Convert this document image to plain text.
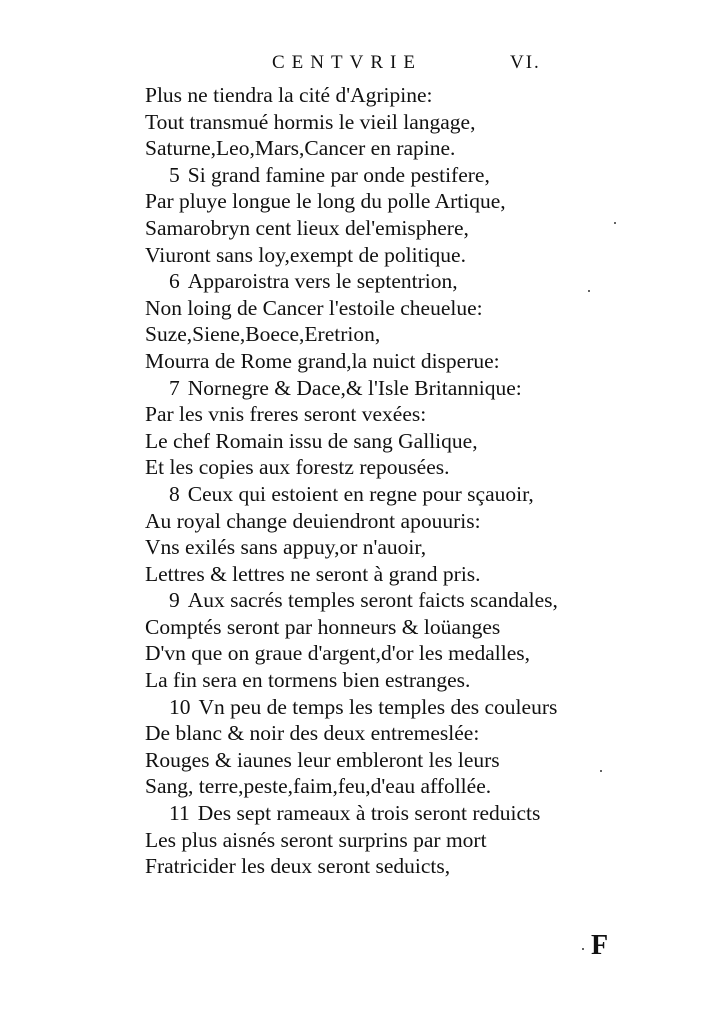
CENTVRIE	VI.
Plus ne tiendra la cité d'Agripine:
Tout transmué hormis le vieil langage,
Saturne,Leo,Mars,Cancer en rapine.
5 Si grand famine par onde pestifere,
Par pluye longue le long du polle Artique,
Samarobryn cent lieux del'emisphere,
Viuront sans loy,exempt de politique.
6 Apparoistra vers le septentrion,
Non loing de Cancer l'estoile cheuelue:
Suze,Siene,Boece,Eretrion,
Mourra de Rome grand,la nuict disperue:
7 Nornegre & Dace,& l'Isle Britannique:
Par les vnis freres seront vexées:
Le chef Romain issu de sang Gallique,
Et les copies aux forestz repousées.
8 Ceux qui estoient en regne pour sçauoir,
Au royal change deuiendront apouuris:
Vns exilés sans appuy,or n'auoir,
Lettres & lettres ne seront à grand pris.
9 Aux sacrés temples seront faicts scandales,
Comptés seront par honneurs & loüanges
D'vn que on graue d'argent,d'or les medalles,
La fin sera en tormens bien estranges.
10 Vn peu de temps les temples des couleurs
De blanc & noir des deux entremeslée:
Rouges & iaunes leur embleront les leurs
Sang, terre,peste,faim,feu,d'eau affollée.
11 Des sept rameaux à trois seront reduicts
Les plus aisnés seront surprins par mort
Fratricider les deux seront seduicts,
F
